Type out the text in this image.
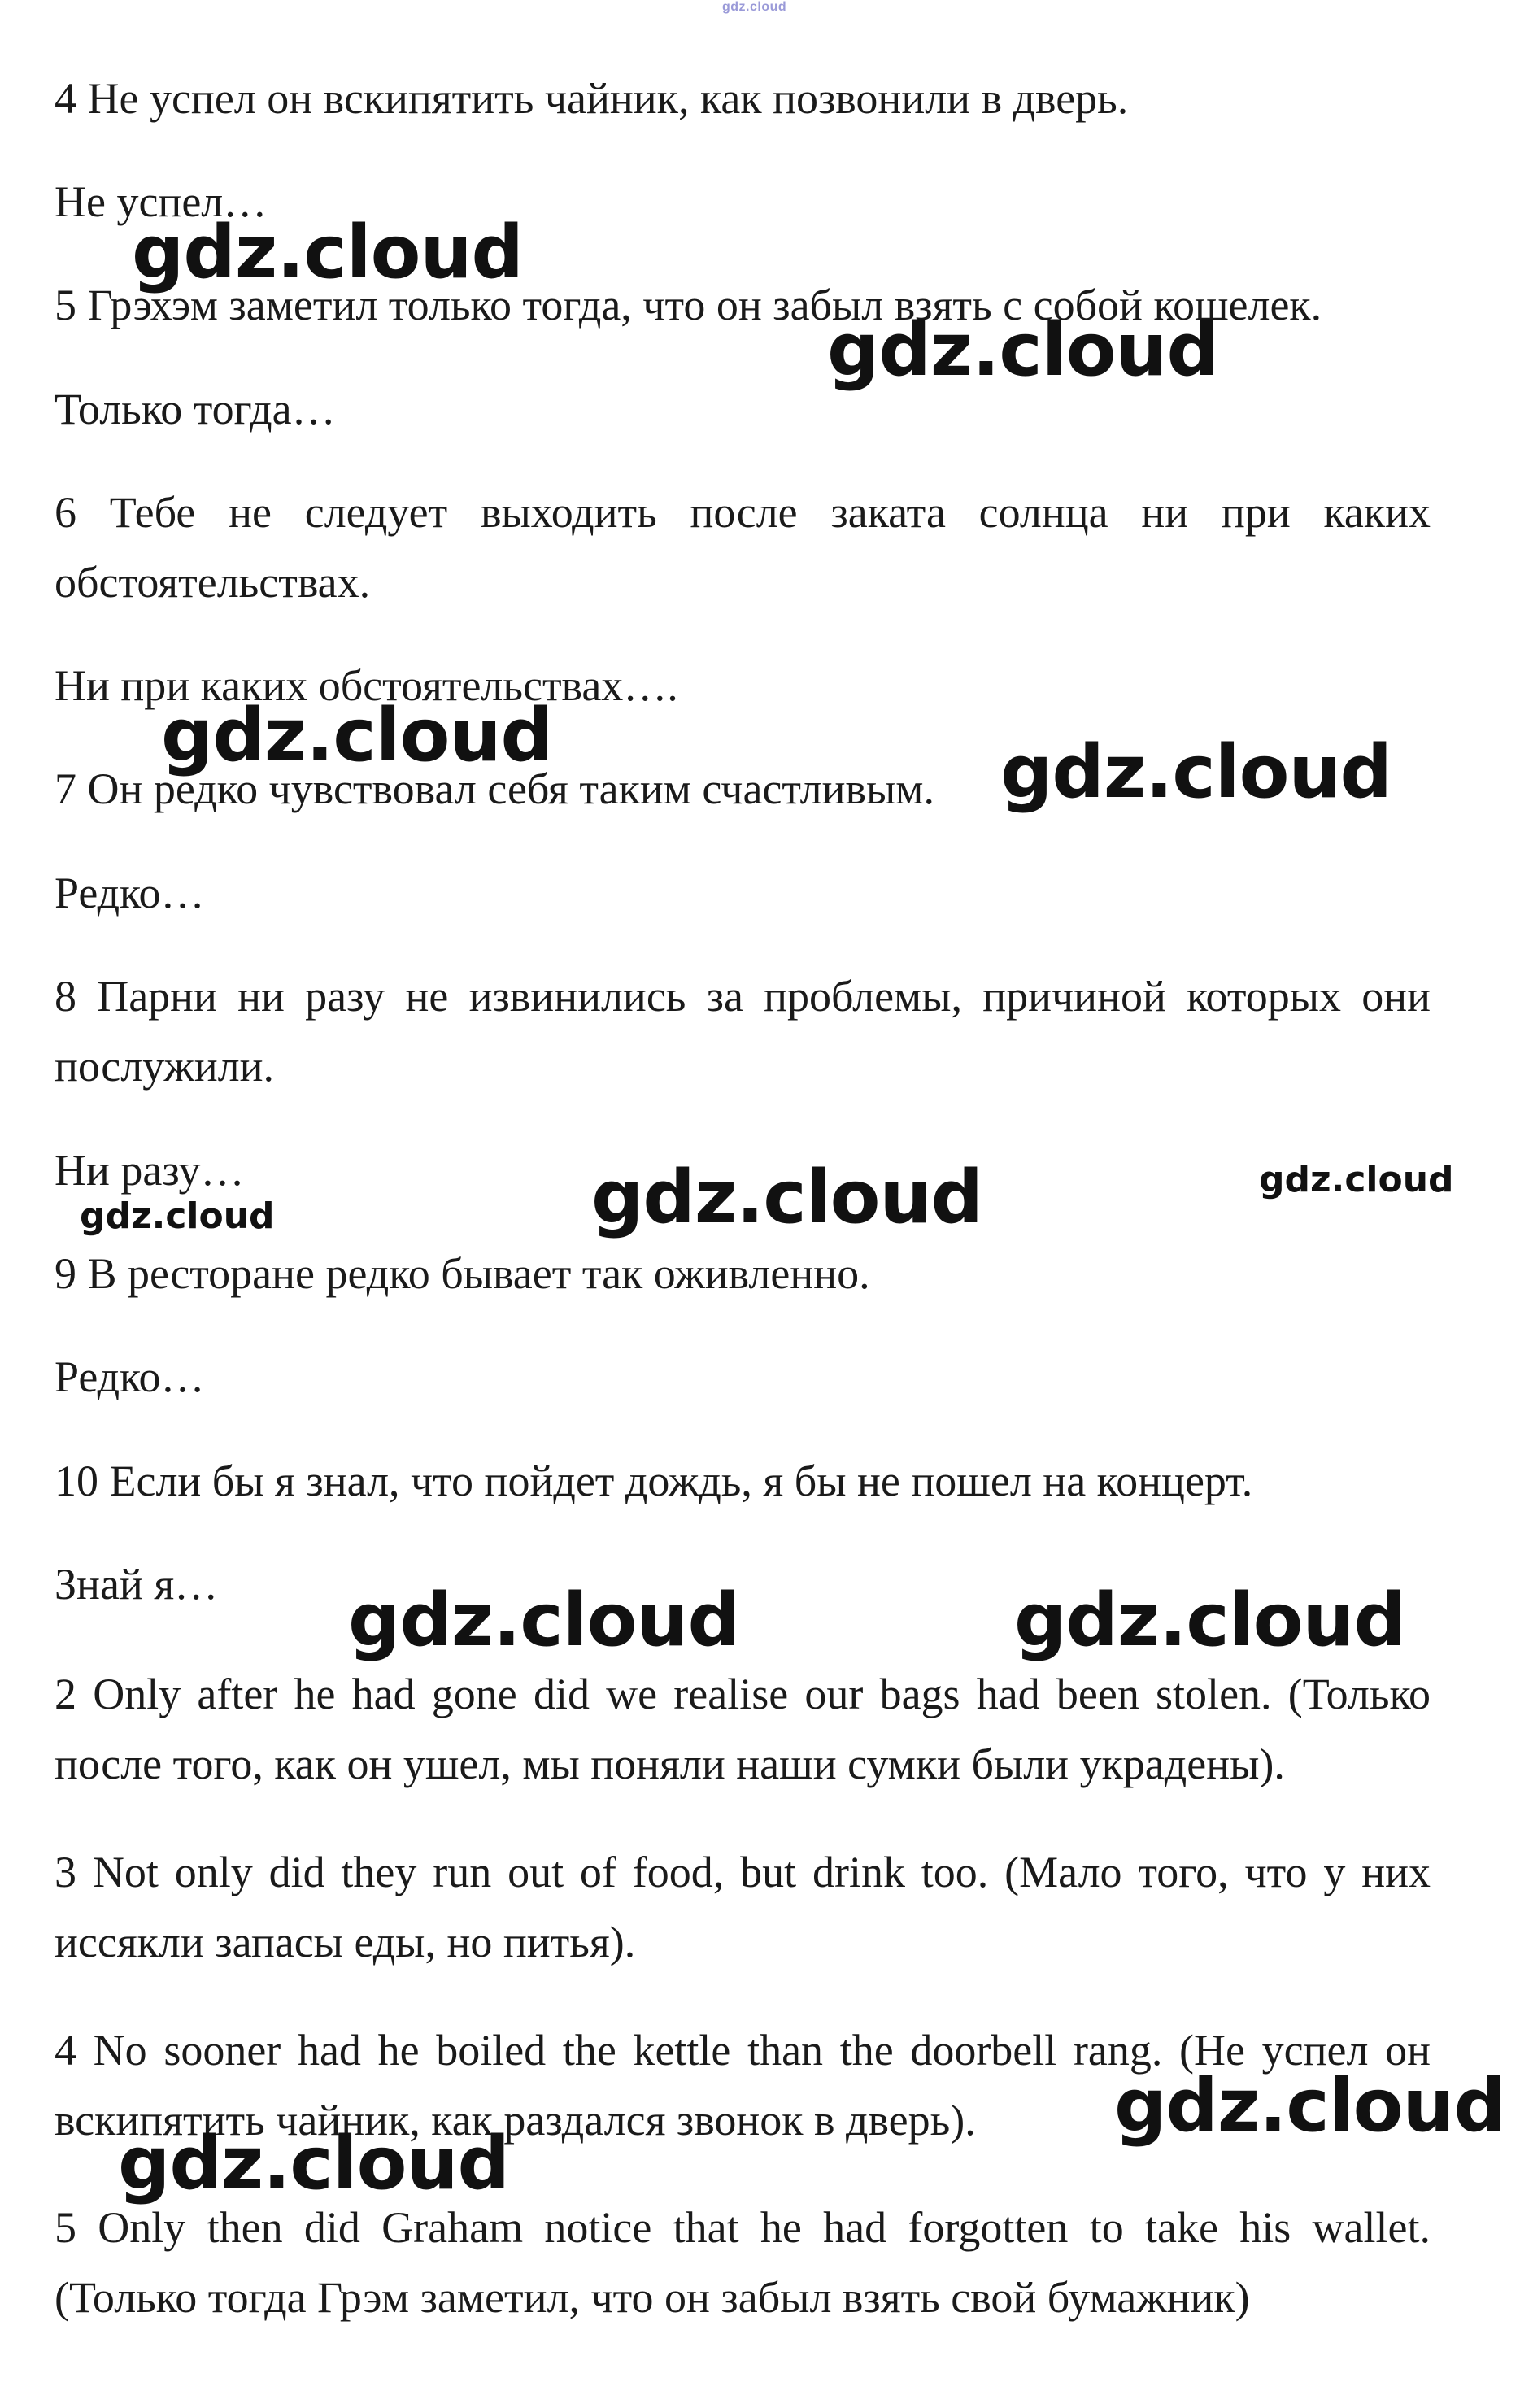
gdz.cloud

4 Не успел он вскипятить чайник, как позвонили в дверь.

Не успел…

5 Грэхэм заметил только тогда, что он забыл взять с собой кошелек.

Только тогда…

6 Тебе не следует выходить после заката солнца ни при каких обстоятельствах.

Ни при каких обстоятельствах….

7 Он редко чувствовал себя таким счастливым.

Редко…

8 Парни ни разу не извинились за проблемы, причиной которых они послужили.

Ни разу…

9 В ресторане редко бывает так оживленно.

Редко…

10 Если бы я знал, что пойдет дождь, я бы не пошел на концерт.

Знай я…

2 Only after he had gone did we realise our bags had been stolen. (Только после того, как он ушел, мы поняли наши сумки были украдены).

3 Not only did they run out of food, but drink too. (Мало того, что у них иссякли запасы еды, но питья).

4 No sooner had he boiled the kettle than the doorbell rang. (Не успел он вскипятить чайник, как раздался звонок в дверь).

5 Only then did Graham notice that he had forgotten to take his wallet. (Только тогда Грэм заметил, что он забыл взять свой бумажник)

gdz.cloud
gdz.cloud
gdz.cloud	gdz.cloud
gdz.cloud	gdz.cloud
gdz.cloud
gdz.cloud	gdz.cloud
gdz.cloud
gdz.cloud
